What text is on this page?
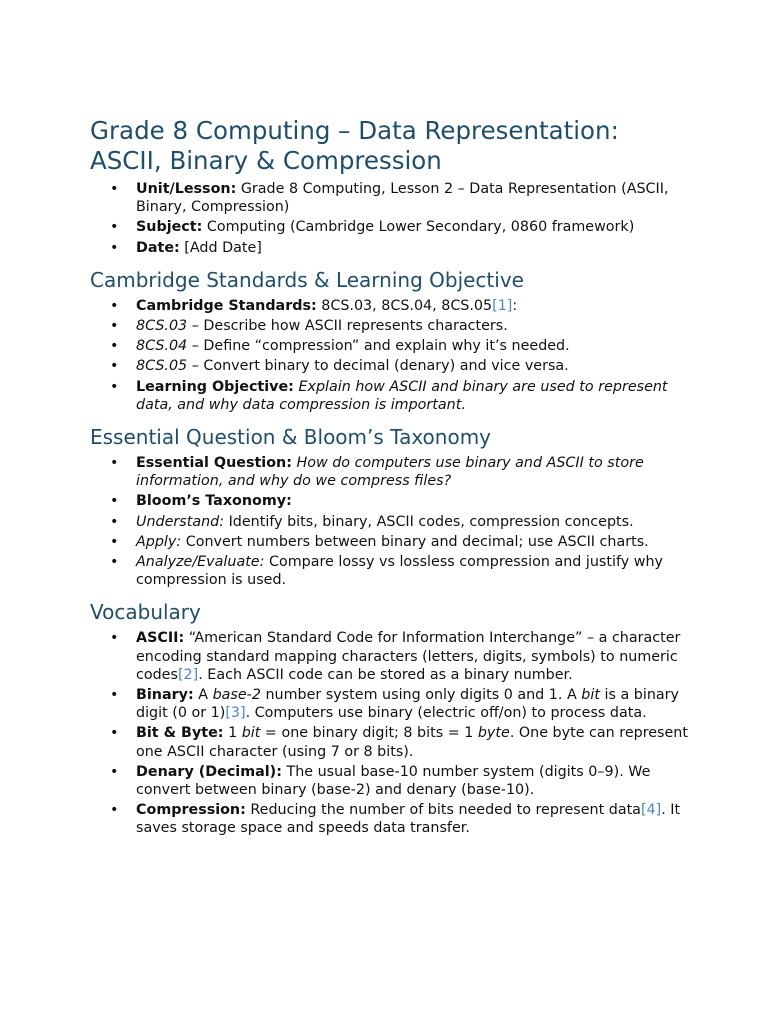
Grade 8 Computing – Data Representation: ASCII, Binary & Compression
• Unit/Lesson: Grade 8 Computing, Lesson 2 – Data Representation (ASCII, Binary, Compression)
• Subject: Computing (Cambridge Lower Secondary, 0860 framework)
• Date: [Add Date]
Cambridge Standards & Learning Objective
• Cambridge Standards: 8CS.03, 8CS.04, 8CS.05[1]:
• 8CS.03 – Describe how ASCII represents characters.
• 8CS.04 – Define “compression” and explain why it’s needed.
• 8CS.05 – Convert binary to decimal (denary) and vice versa.
• Learning Objective: Explain how ASCII and binary are used to represent data, and why data compression is important.
Essential Question & Bloom’s Taxonomy
• Essential Question: How do computers use binary and ASCII to store information, and why do we compress files?
• Bloom’s Taxonomy:
• Understand: Identify bits, binary, ASCII codes, compression concepts.
• Apply: Convert numbers between binary and decimal; use ASCII charts.
• Analyze/Evaluate: Compare lossy vs lossless compression and justify why compression is used.
Vocabulary
• ASCII: “American Standard Code for Information Interchange” – a character encoding standard mapping characters (letters, digits, symbols) to numeric codes[2]. Each ASCII code can be stored as a binary number.
• Binary: A base-2 number system using only digits 0 and 1. A bit is a binary digit (0 or 1)[3]. Computers use binary (electric off/on) to process data.
• Bit & Byte: 1 bit = one binary digit; 8 bits = 1 byte. One byte can represent one ASCII character (using 7 or 8 bits).
• Denary (Decimal): The usual base-10 number system (digits 0–9). We convert between binary (base-2) and denary (base-10).
• Compression: Reducing the number of bits needed to represent data[4]. It saves storage space and speeds data transfer.
